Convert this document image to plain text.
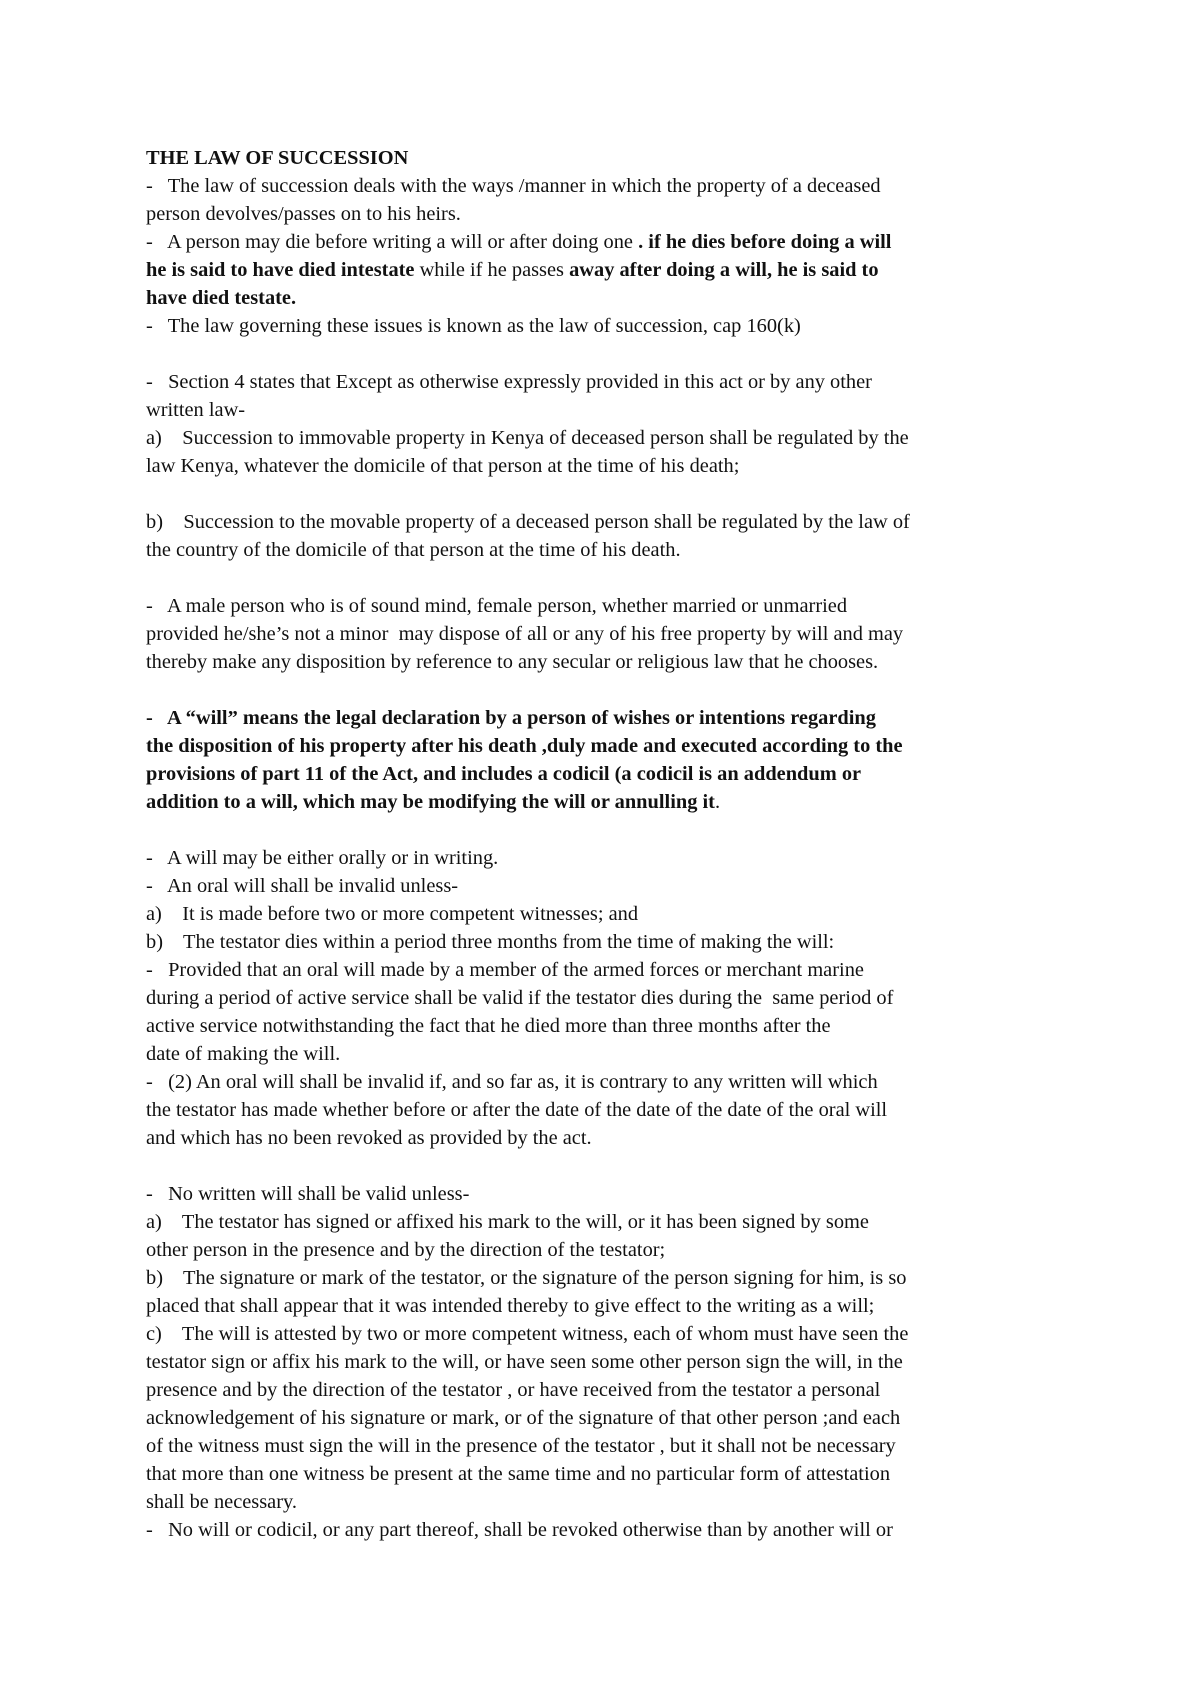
THE LAW OF SUCCESSION
-   The law of succession deals with the ways /manner in which the property of a deceased
person devolves/passes on to his heirs.
-   A person may die before writing a will or after doing one . if he dies before doing a will
he is said to have died intestate while if he passes away after doing a will, he is said to
have died testate.
-   The law governing these issues is known as the law of succession, cap 160(k)
-   Section 4 states that Except as otherwise expressly provided in this act or by any other
written law-
a)    Succession to immovable property in Kenya of deceased person shall be regulated by the
law Kenya, whatever the domicile of that person at the time of his death;
b)    Succession to the movable property of a deceased person shall be regulated by the law of
the country of the domicile of that person at the time of his death.
-   A male person who is of sound mind, female person, whether married or unmarried
provided he/she’s not a minor  may dispose of all or any of his free property by will and may
thereby make any disposition by reference to any secular or religious law that he chooses.
-   A “will” means the legal declaration by a person of wishes or intentions regarding
the disposition of his property after his death ,duly made and executed according to the
provisions of part 11 of the Act, and includes a codicil (a codicil is an addendum or
addition to a will, which may be modifying the will or annulling it.
-   A will may be either orally or in writing.
-   An oral will shall be invalid unless-
a)    It is made before two or more competent witnesses; and
b)    The testator dies within a period three months from the time of making the will:
-   Provided that an oral will made by a member of the armed forces or merchant marine
during a period of active service shall be valid if the testator dies during the  same period of
active service notwithstanding the fact that he died more than three months after the
date of making the will.
-   (2) An oral will shall be invalid if, and so far as, it is contrary to any written will which
the testator has made whether before or after the date of the date of the date of the oral will
and which has no been revoked as provided by the act.
-   No written will shall be valid unless-
a)    The testator has signed or affixed his mark to the will, or it has been signed by some
other person in the presence and by the direction of the testator;
b)    The signature or mark of the testator, or the signature of the person signing for him, is so
placed that shall appear that it was intended thereby to give effect to the writing as a will;
c)    The will is attested by two or more competent witness, each of whom must have seen the
testator sign or affix his mark to the will, or have seen some other person sign the will, in the
presence and by the direction of the testator , or have received from the testator a personal
acknowledgement of his signature or mark, or of the signature of that other person ;and each
of the witness must sign the will in the presence of the testator , but it shall not be necessary
that more than one witness be present at the same time and no particular form of attestation
shall be necessary.
-   No will or codicil, or any part thereof, shall be revoked otherwise than by another will or
